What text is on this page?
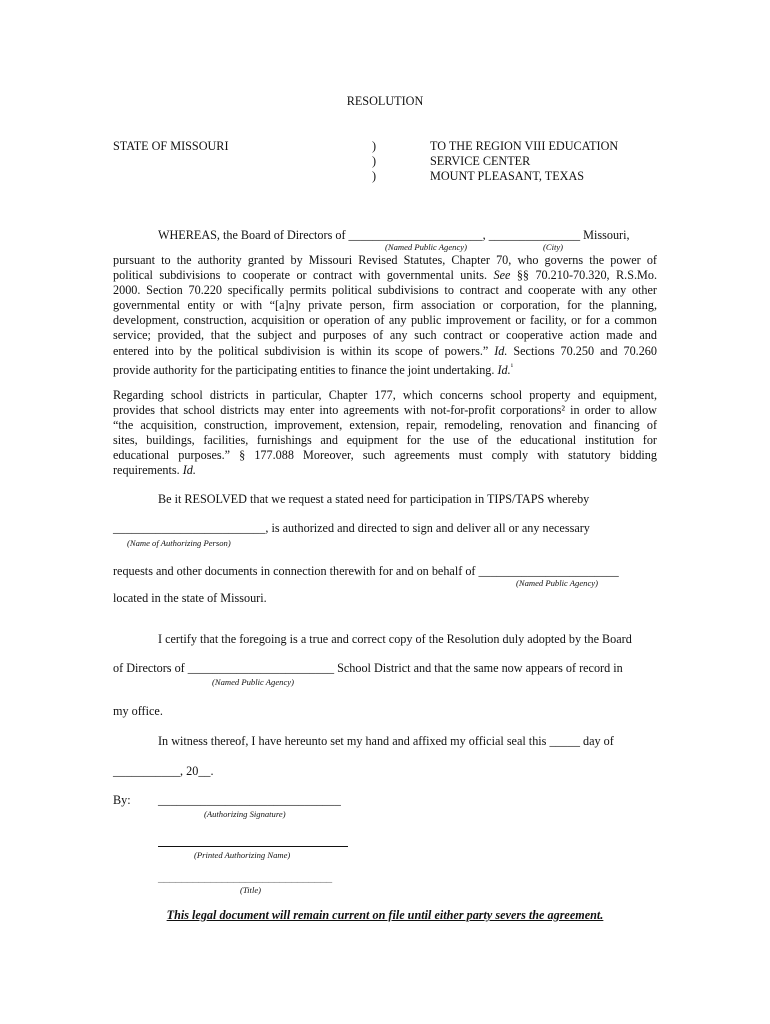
RESOLUTION
STATE OF MISSOURI	)
)
)
TO THE REGION VIII EDUCATION
SERVICE CENTER
MOUNT PLEASANT, TEXAS
WHEREAS, the Board of Directors of ______________________, _______________ Missouri,
(Named Public Agency)	(City)
pursuant to the authority granted by Missouri Revised Statutes, Chapter 70, who governs the power of
political subdivisions to cooperate or contract with governmental units. See §§ 70.210-70.320, R.S.Mo.
2000. Section 70.220 specifically permits political subdivisions to contract and cooperate with any other
governmental entity or with “[a]ny private person, firm association or corporation, for the planning,
development, construction, acquisition or operation of any public improvement or facility, or for a common
service; provided, that the subject and purposes of any such contract or cooperative action made and
entered into by the political subdivision is within its scope of powers.” Id. Sections 70.250 and 70.260
provide authority for the participating entities to finance the joint undertaking. Id.$^{^1}$
Regarding school districts in particular, Chapter 177, which concerns school property and equipment,
provides that school districts may enter into agreements with not-for-profit corporations² in order to allow
“the acquisition, construction, improvement, extension, repair, remodeling, renovation and financing of
sites, buildings, facilities, furnishings and equipment for the use of the educational institution for
educational purposes.” § 177.088 Moreover, such agreements must comply with statutory bidding
requirements. Id.
Be it RESOLVED that we request a stated need for participation in TIPS/TAPS whereby
_________________________, is authorized and directed to sign and deliver all or any necessary
(Name of Authorizing Person)
requests and other documents in connection therewith for and on behalf of _______________________
(Named Public Agency)
located in the state of Missouri.
I certify that the foregoing is a true and correct copy of the Resolution duly adopted by the Board
of Directors of ________________________ School District and that the same now appears of record in
(Named Public Agency)
my office.
In witness thereof, I have hereunto set my hand and affixed my official seal this _____ day of
___________, 20__.
By: ______________________________
(Authorizing Signature)
(Printed Authorizing Name)
______________________________
(Title)
This legal document will remain current on file until either party severs the agreement.
